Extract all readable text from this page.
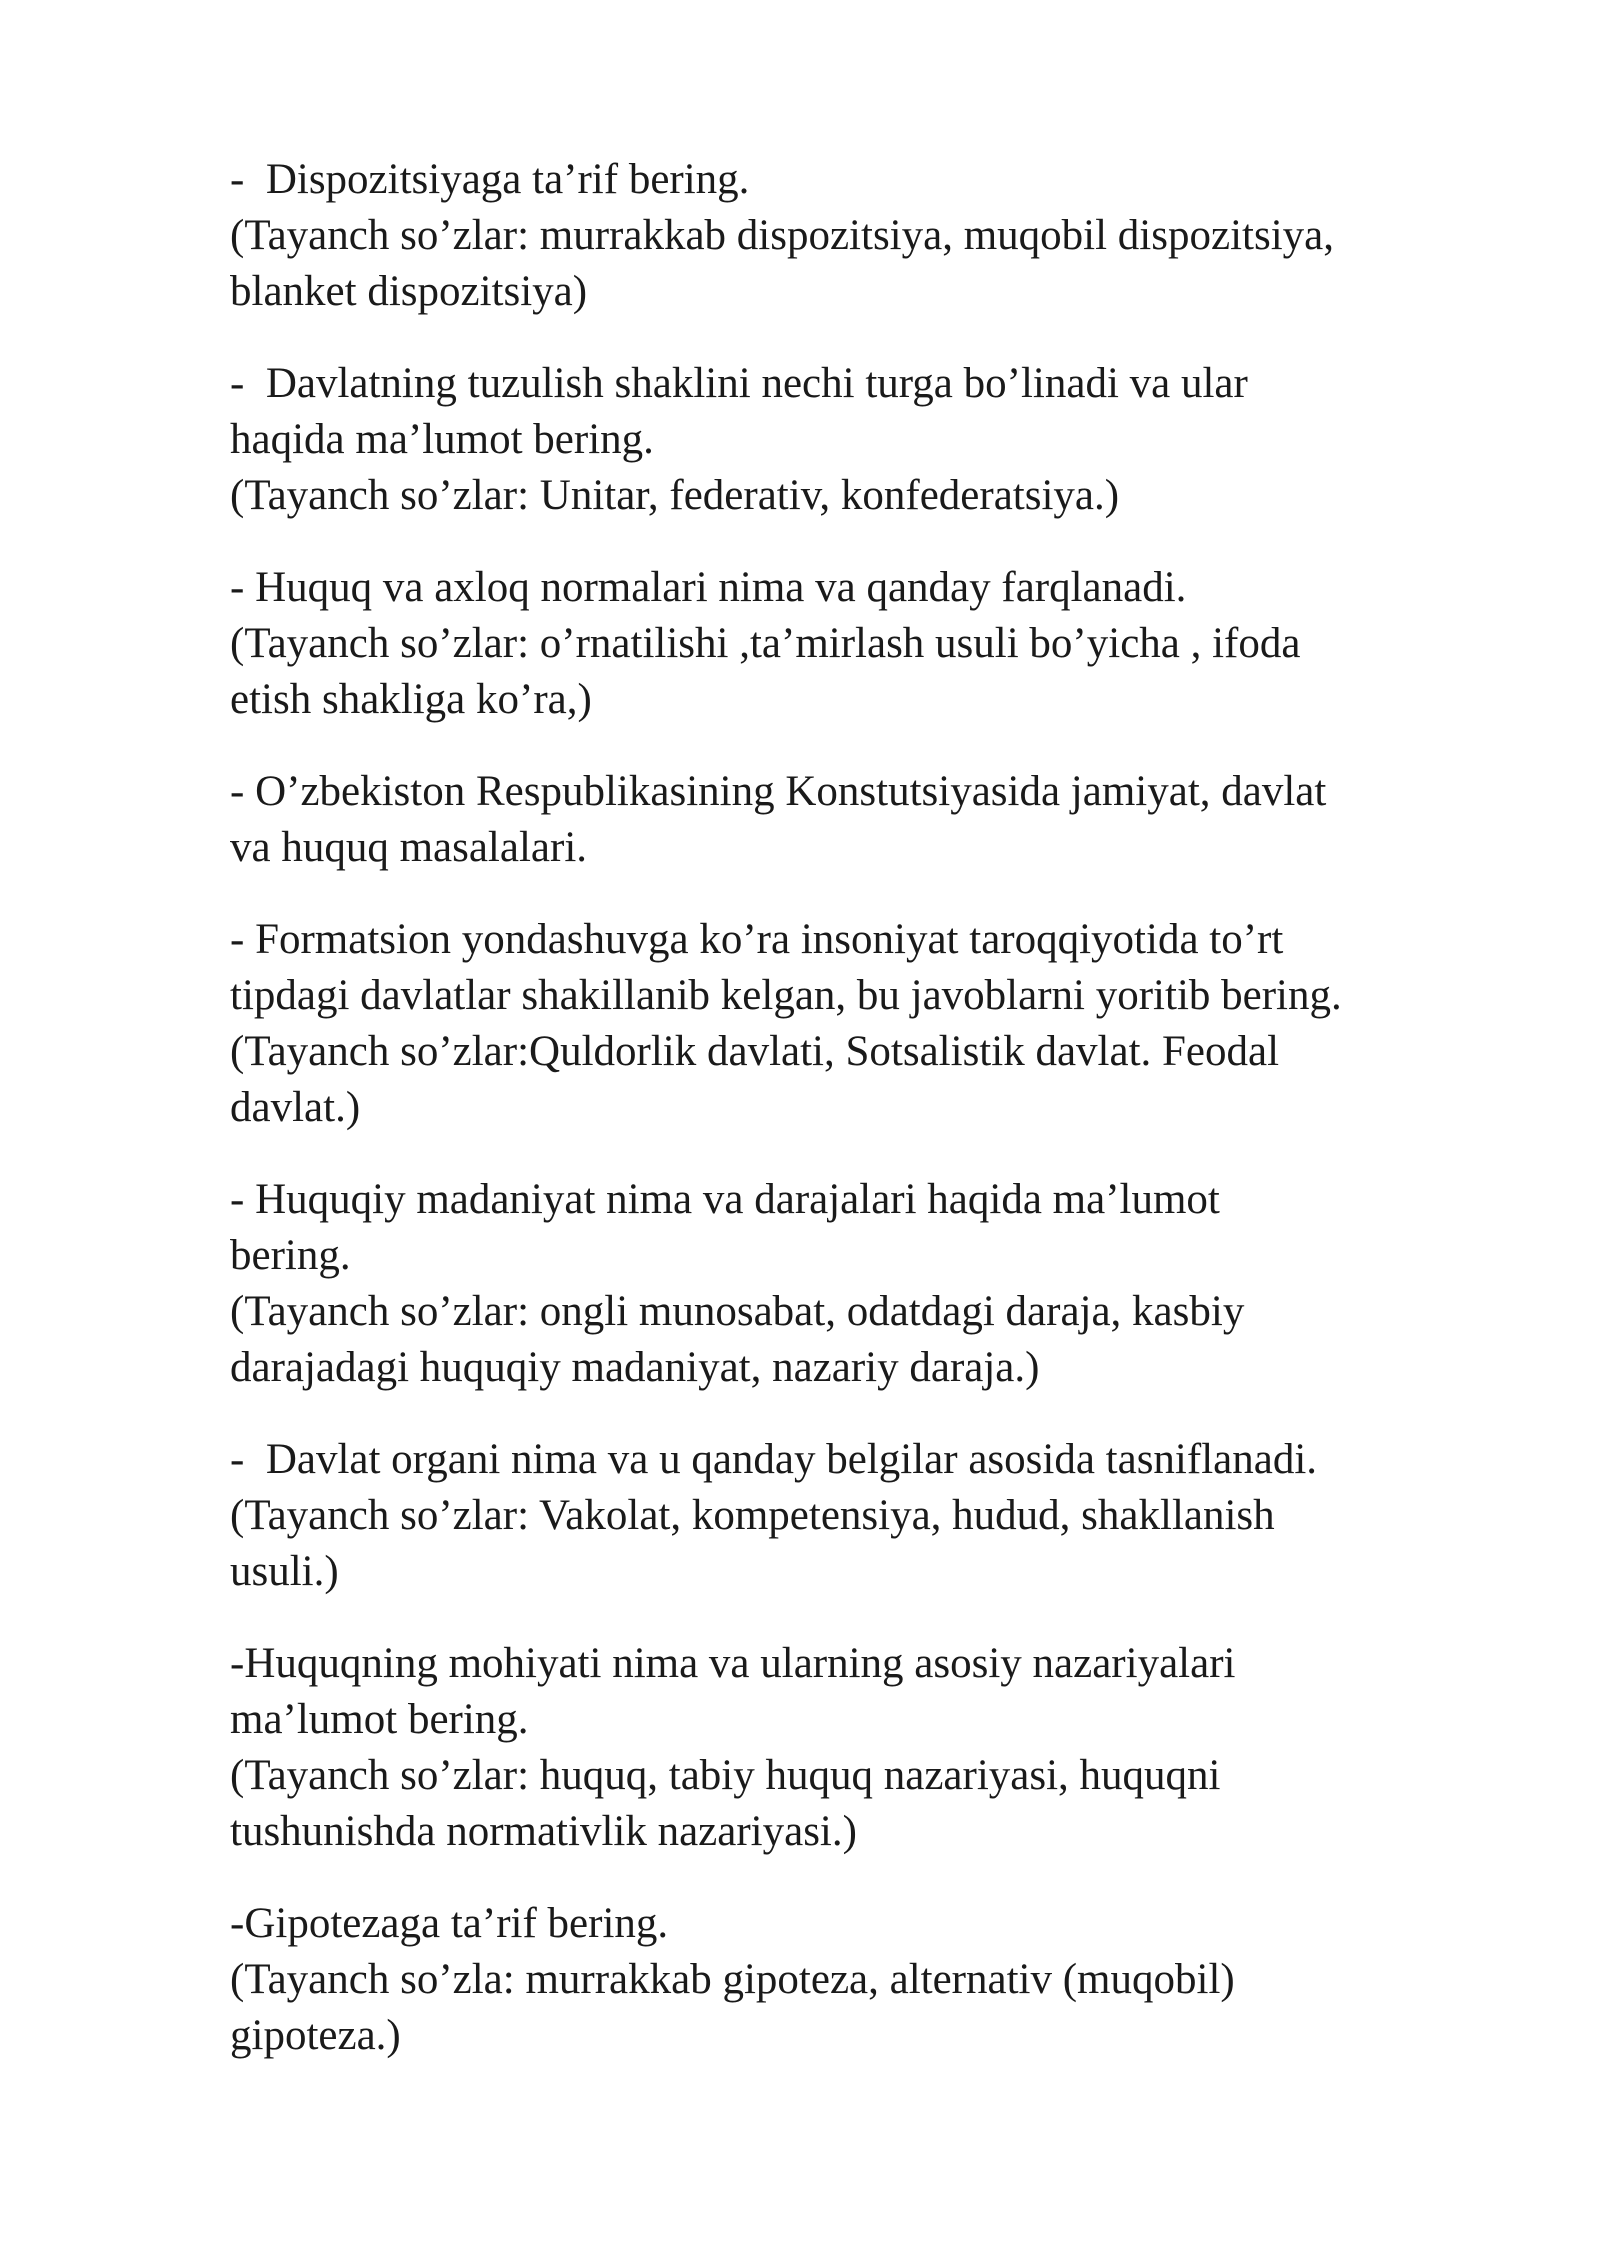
-  Dispozitsiyaga ta’rif bering.
(Tayanch so’zlar: murrakkab dispozitsiya, muqobil dispozitsiya,
blanket dispozitsiya)
-  Davlatning tuzulish shaklini nechi turga bo’linadi va ular
haqida ma’lumot bering.
(Tayanch so’zlar: Unitar, federativ, konfederatsiya.)
- Huquq va axloq normalari nima va qanday farqlanadi.
(Tayanch so’zlar: o’rnatilishi ,ta’mirlash usuli bo’yicha , ifoda
etish shakliga ko’ra,)
- O’zbekiston Respublikasining Konstutsiyasida jamiyat, davlat
va huquq masalalari.
- Formatsion yondashuvga ko’ra insoniyat taroqqiyotida to’rt
tipdagi davlatlar shakillanib kelgan, bu javoblarni yoritib bering.
(Tayanch so’zlar:Quldorlik davlati, Sotsalistik davlat. Feodal
davlat.)
- Huquqiy madaniyat nima va darajalari haqida ma’lumot
bering.
(Tayanch so’zlar: ongli munosabat, odatdagi daraja, kasbiy
darajadagi huquqiy madaniyat, nazariy daraja.)
-  Davlat organi nima va u qanday belgilar asosida tasniflanadi.
(Tayanch so’zlar: Vakolat, kompetensiya, hudud, shakllanish
usuli.)
-Huquqning mohiyati nima va ularning asosiy nazariyalari
ma’lumot bering.
(Tayanch so’zlar: huquq, tabiy huquq nazariyasi, huquqni
tushunishda normativlik nazariyasi.)
-Gipotezaga ta’rif bering.
(Tayanch so’zla: murrakkab gipoteza, alternativ (muqobil)
gipoteza.)
